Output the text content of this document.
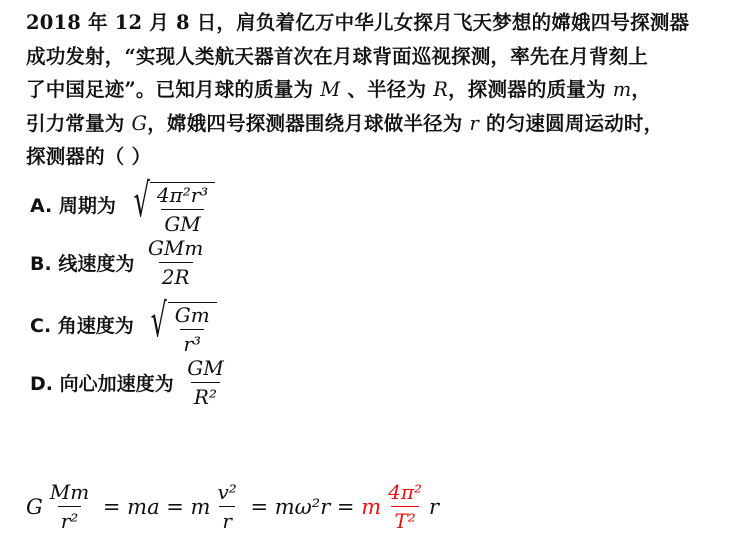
2018 年 12 月 8 日，肩负着亿万中华儿女探月飞天梦想的嫦娥四号探测器
成功发射，“实现人类航天器首次在月球背面巡视探测，率先在月背刻上
了中国足迹”。已知月球的质量为 M 、半径为 R，探测器的质量为 m，
引力常量为 G，嫦娥四号探测器围绕月球做半径为 r 的匀速圆周运动时，
探测器的（ ）
A. 周期为 √ $\frac{\text{4π²r³}}{GM}$
B. 线速度为 $\frac{\text{GMm}}{2R}$
C. 角速度为 √ $\frac{Gm}{\text{r³}}$
D. 向心加速度为 $\frac{GM}{\text{R²}}$
G $\frac{Mm}{\text{r²}}$ = ma = m $\frac{\text{v²}}{r} = m\omega^2r = m \frac{\text{4π²}}{\text{T²}}$ r
